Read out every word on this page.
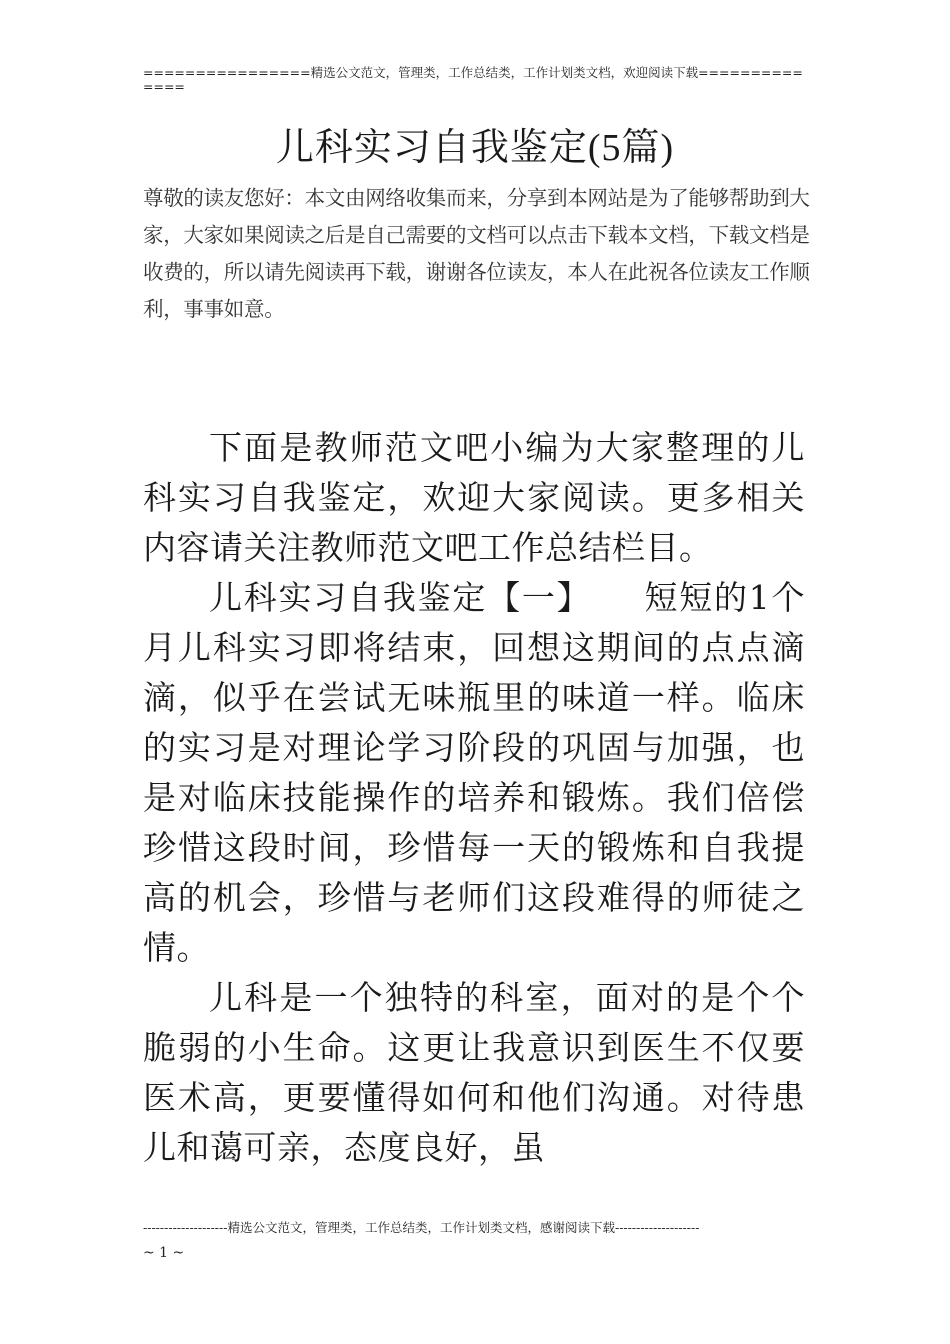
================精选公文范文，管理类，工作总结类，工作计划类文档，欢迎阅读下载==============
儿科实习自我鉴定(5篇)
尊敬的读友您好：本文由网络收集而来，分享到本网站是为了能够帮助到大家，大家如果阅读之后是自己需要的文档可以点击下载本文档，下载文档是收费的，所以请先阅读再下载，谢谢各位读友，本人在此祝各位读友工作顺利，事事如意。

下面是教师范文吧小编为大家整理的儿科实习自我鉴定，欢迎大家阅读。更多相关内容请关注教师范文吧工作总结栏目。

儿科实习自我鉴定【一】　　短短的1个月儿科实习即将结束，回想这期间的点点滴滴，似乎在尝试无味瓶里的味道一样。临床的实习是对理论学习阶段的巩固与加强，也是对临床技能操作的培养和锻炼。我们倍偿珍惜这段时间，珍惜每一天的锻炼和自我提高的机会，珍惜与老师们这段难得的师徒之情。

儿科是一个独特的科室，面对的是个个脆弱的小生命。这更让我意识到医生不仅要医术高，更要懂得如何和他们沟通。对待患儿和蔼可亲，态度良好，虽

--------------------精选公文范文，管理类，工作总结类，工作计划类文档，感谢阅读下载--------------------
~ 1 ~
